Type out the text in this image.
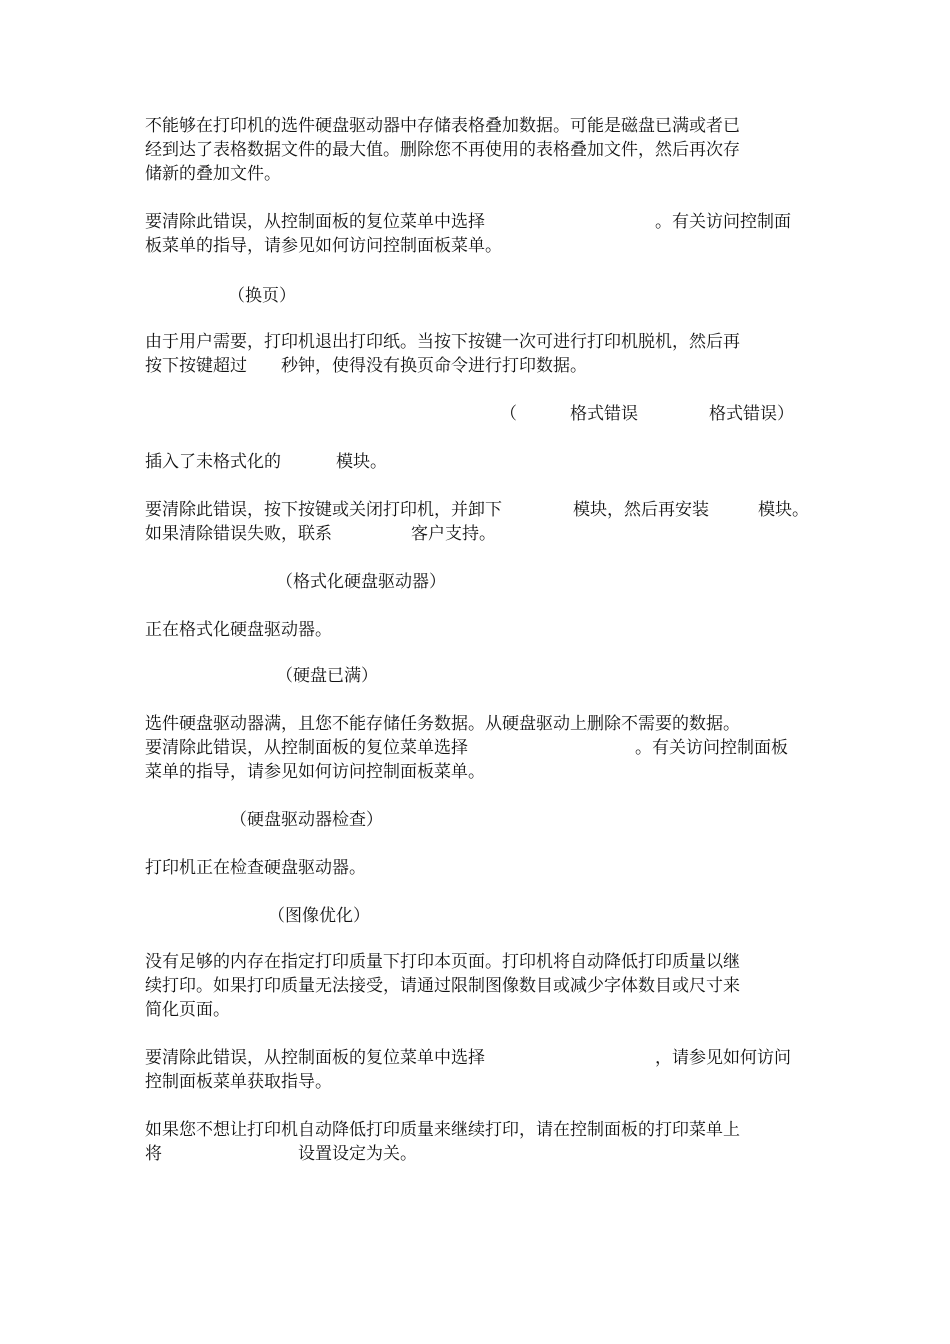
不能够在打印机的选件硬盘驱动器中存储表格叠加数据。可能是磁盘已满或者已
经到达了表格数据文件的最大值。删除您不再使用的表格叠加文件，然后再次存
储新的叠加文件。
要清除此错误，从控制面板的复位菜单中选择	。有关访问控制面
板菜单的指导，请参见如何访问控制面板菜单。
（换页）
由于用户需要，打印机退出打印纸。当按下按键一次可进行打印机脱机，然后再
按下按键超过 秒钟，使得没有换页命令进行打印数据。
（	格式错误	格式错误）
插入了未格式化的	模块。
要清除此错误，按下按键或关闭打印机，并卸下	模块，然后再安装	模块。
如果清除错误失败，联系	客户支持。
（格式化硬盘驱动器）
正在格式化硬盘驱动器。
（硬盘已满）
选件硬盘驱动器满，且您不能存储任务数据。从硬盘驱动上删除不需要的数据。
要清除此错误，从控制面板的复位菜单选择	。有关访问控制面板
菜单的指导，请参见如何访问控制面板菜单。
（硬盘驱动器检查）
打印机正在检查硬盘驱动器。
（图像优化）
没有足够的内存在指定打印质量下打印本页面。打印机将自动降低打印质量以继
续打印。如果打印质量无法接受，请通过限制图像数目或减少字体数目或尺寸来
简化页面。
要清除此错误，从控制面板的复位菜单中选择	，请参见如何访问
控制面板菜单获取指导。
如果您不想让打印机自动降低打印质量来继续打印，请在控制面板的打印菜单上
将	设置设定为关。
